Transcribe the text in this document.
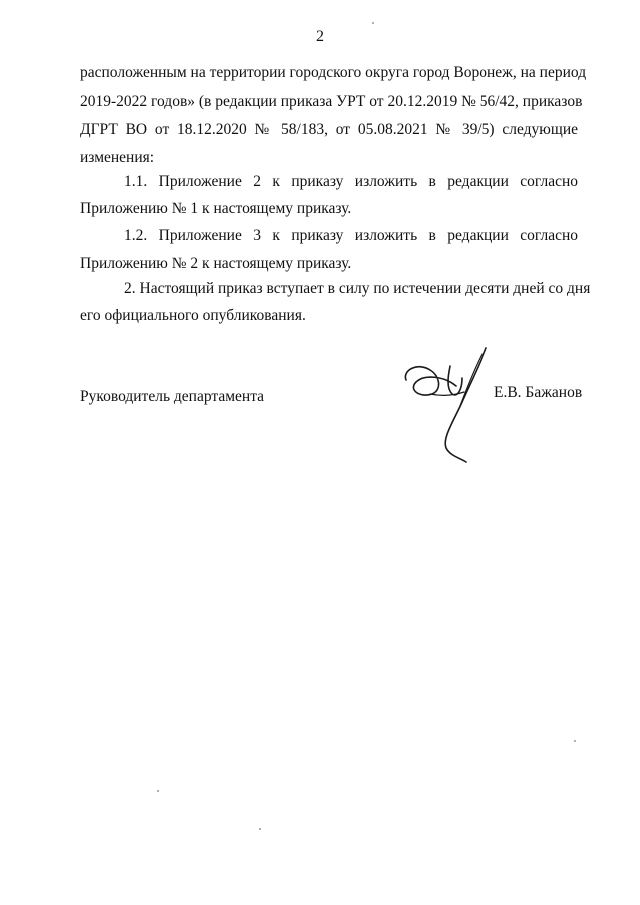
2
расположенным на территории городского округа город Воронеж, на период
2019-2022 годов» (в редакции приказа УРТ от 20.12.2019 № 56/42, приказов
ДГРТ ВО от 18.12.2020 № 58/183, от 05.08.2021 № 39/5) следующие
изменения:
1.1. Приложение 2 к приказу изложить в редакции согласно
Приложению № 1 к настоящему приказу.
1.2. Приложение 3 к приказу изложить в редакции согласно
Приложению № 2 к настоящему приказу.
2. Настоящий приказ вступает в силу по истечении десяти дней со дня
его официального опубликования.
Руководитель департамента	Е.В. Бажанов
